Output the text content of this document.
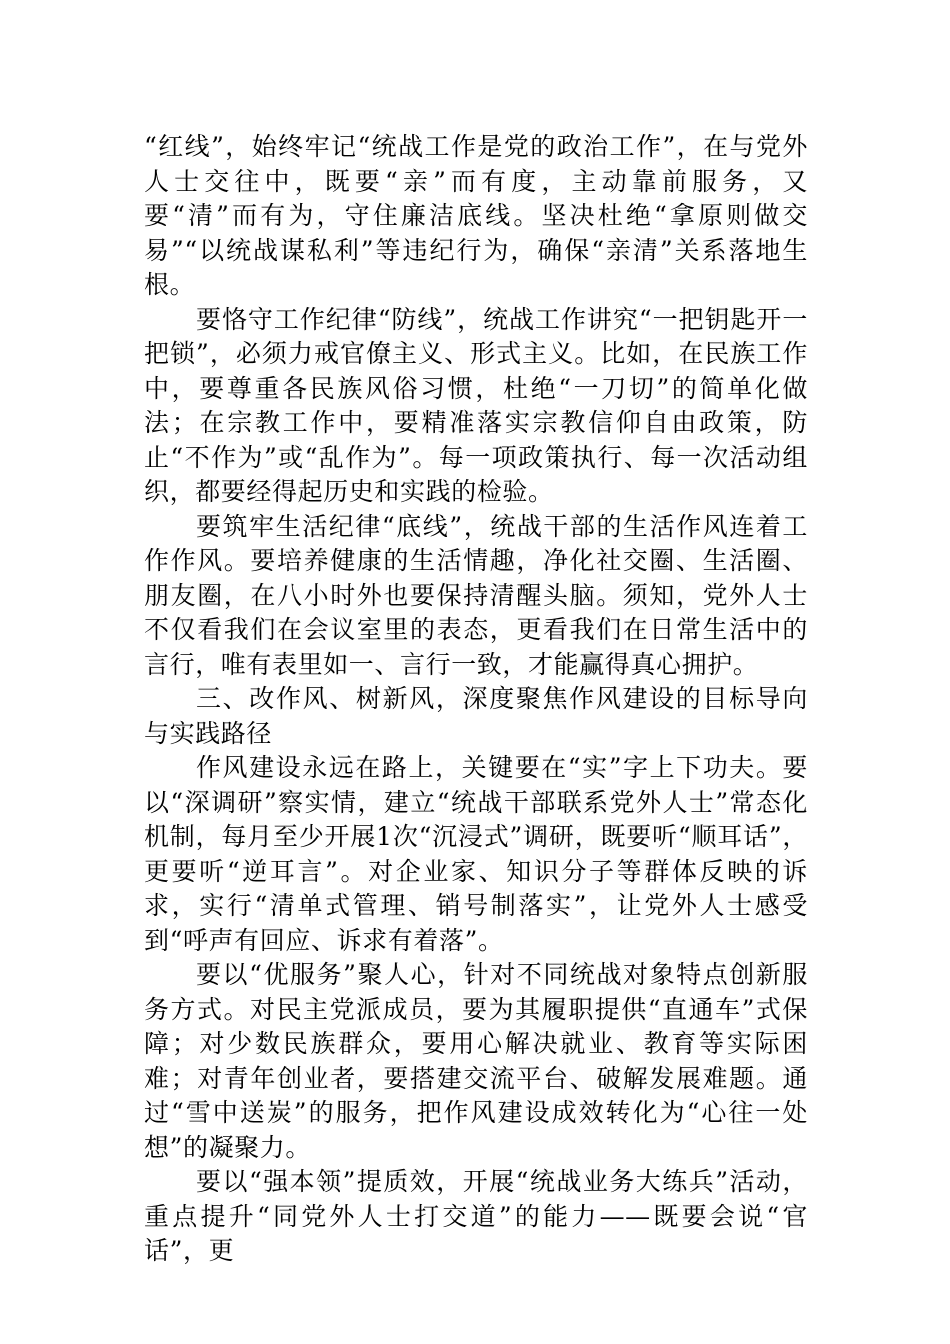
“红线”，始终牢记“统战工作是党的政治工作”，在与党外人士交往中，既要“亲”而有度，主动靠前服务，又要“清”而有为，守住廉洁底线。坚决杜绝“拿原则做交易”“以统战谋私利”等违纪行为，确保“亲清”关系落地生根。

要恪守工作纪律“防线”，统战工作讲究“一把钥匙开一把锁”，必须力戒官僚主义、形式主义。比如，在民族工作中，要尊重各民族风俗习惯，杜绝“一刀切”的简单化做法；在宗教工作中，要精准落实宗教信仰自由政策，防止“不作为”或“乱作为”。每一项政策执行、每一次活动组织，都要经得起历史和实践的检验。

要筑牢生活纪律“底线”，统战干部的生活作风连着工作作风。要培养健康的生活情趣，净化社交圈、生活圈、朋友圈，在八小时外也要保持清醒头脑。须知，党外人士不仅看我们在会议室里的表态，更看我们在日常生活中的言行，唯有表里如一、言行一致，才能赢得真心拥护。

三、改作风、树新风，深度聚焦作风建设的目标导向与实践路径

作风建设永远在路上，关键要在“实”字上下功夫。要以“深调研”察实情，建立“统战干部联系党外人士”常态化机制，每月至少开展1次“沉浸式”调研，既要听“顺耳话”，更要听“逆耳言”。对企业家、知识分子等群体反映的诉求，实行“清单式管理、销号制落实”，让党外人士感受到“呼声有回应、诉求有着落”。

要以“优服务”聚人心，针对不同统战对象特点创新服务方式。对民主党派成员，要为其履职提供“直通车”式保障；对少数民族群众，要用心解决就业、教育等实际困难；对青年创业者，要搭建交流平台、破解发展难题。通过“雪中送炭”的服务，把作风建设成效转化为“心往一处想”的凝聚力。

要以“强本领”提质效，开展“统战业务大练兵”活动，重点提升“同党外人士打交道”的能力——既要会说“官话”，更
